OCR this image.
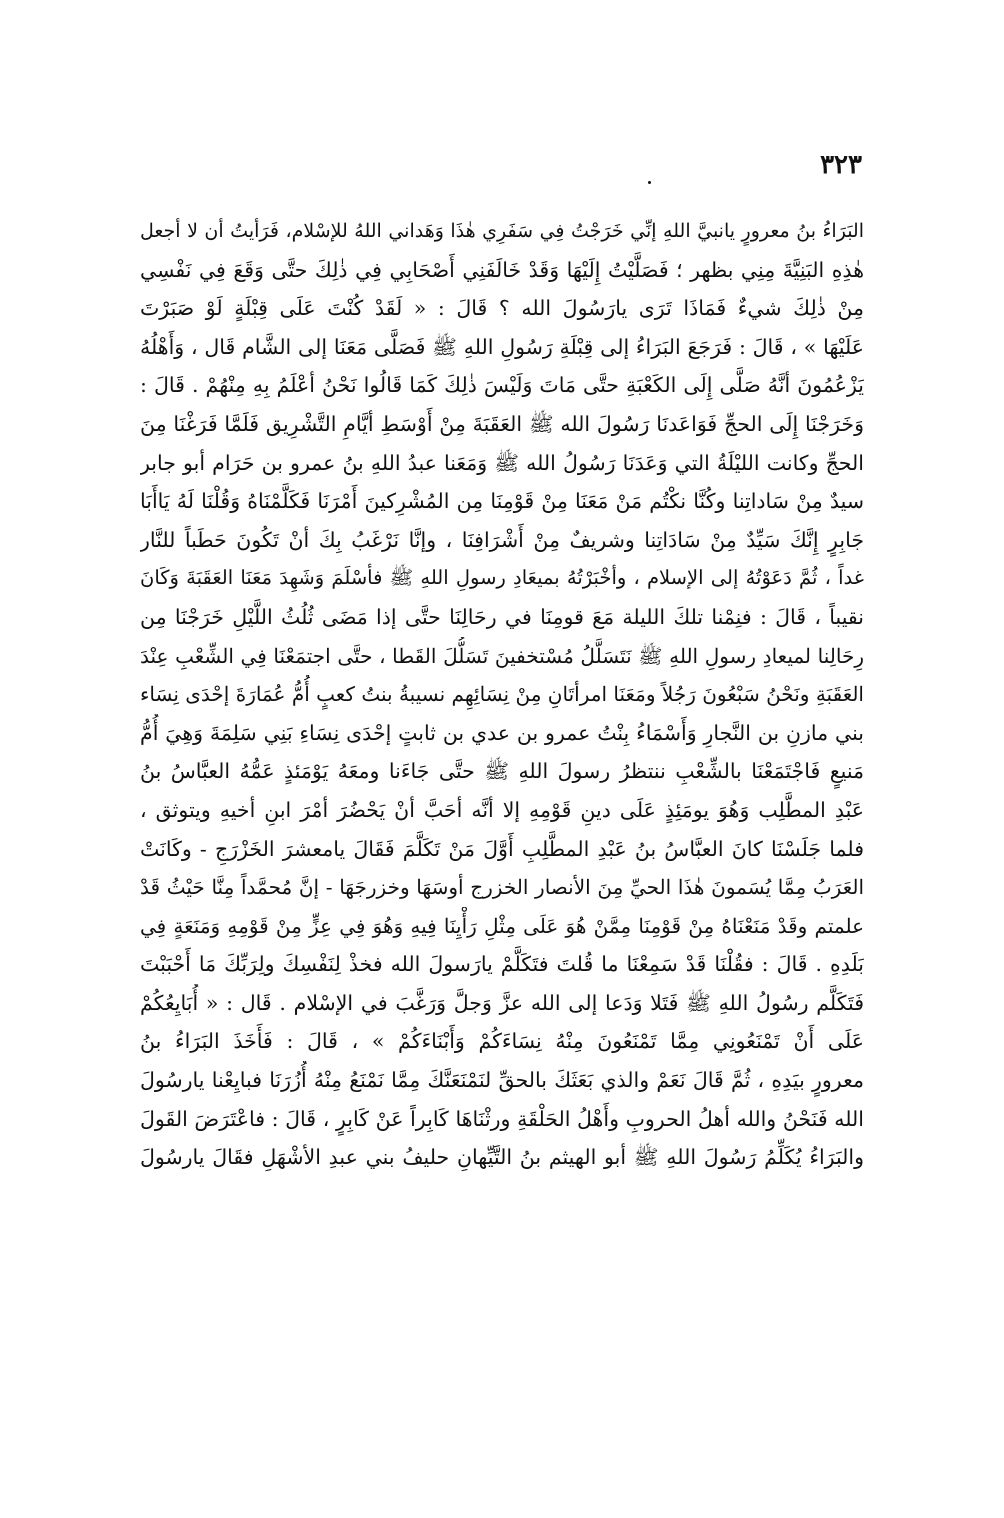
٣٢٣
البَرَاءُ بنُ معرورٍ يانبيَّ اللهِ إنِّي خَرَجْتُ فِي سَفَرِي هٰذَا وَهَداني اللهُ للإسْلام، فَرَأيتُ أن لا أجعل
هٰذِهِ البَنِيَّةَ مِنِي بظهر ؛ فَصَلَّيْتُ إِلَيْهَا وَقَدْ خَالَفَنِي أَصْحَابِي فِي ذٰلِكَ حتَّى وَقَعَ فِي نَفْسِي
مِنْ ذٰلِكَ شيءٌ فَمَاذَا تَرَى يارَسُولَ الله ؟ قَالَ : « لَقَدْ كُنْتَ عَلَى قِبْلَةٍ لَوْ صَبَرْتَ
عَلَيْهَا » ، قَالَ : فَرَجَعَ البَرَاءُ إلى قِبْلَةِ رَسُولِ اللهِ ﷺ فَصَلَّى مَعَنَا إلى الشَّام قَال ، وَأَهْلُهُ
يَزْعُمُونَ أنَّهُ صَلَّى إِلَى الكَعْبَةِ حتَّى مَاتَ وَلَيْسَ ذٰلِكَ كَمَا قَالُوا نَحْنُ أعْلَمُ بِهِ مِنْهُمْ . قَالَ :
وَخَرَجْنَا إِلَى الحجِّ فَوَاعَدنَا رَسُولَ الله ﷺ العَقَبَةَ مِنْ أَوْسَطِ أيَّامِ التَّشْرِيق فَلَمَّا فَرَغْنَا مِنَ
الحجِّ وكانت الليْلَةُ التي وَعَدَنَا رَسُولُ الله ﷺ وَمَعَنا عبدُ اللهِ بنُ عمرو بن حَرَام أبو جابر
سيدٌ مِنْ سَاداتِنا وكُنَّا نكْتُم مَنْ مَعَنَا مِنْ قَوْمِنَا مِن المُشْرِكينَ أَمْرَنَا فَكَلَّمْنَاهُ وَقُلْنَا لَهُ يَاأَبَا
جَابِرٍ إِنَّكَ سَيِّدٌ مِنْ سَادَاتِنا وشريفٌ مِنْ أَشْرَافِنَا ، وإنَّا نَرْغَبُ بِكَ أنْ تَكُونَ حَطَباً للنَّار
غداً ، ثُمَّ دَعَوْتُهُ إلى الإسلام ، وأخْبَرْتُهُ بميعَادِ رسولِ اللهِ ﷺ فأسْلَمَ وَشَهِدَ مَعَنَا العَقَبَةَ وَكَانَ
نقيباً ، قَالَ : فنِمْنا تلكَ الليلة مَعَ قومِنَا في رحَالِنَا حتَّى إذا مَضَى ثُلُثُ اللَّيْلِ خَرَجْنَا مِن
رِحَالِنا لميعادِ رسولِ اللهِ ﷺ نَتَسَلَّلُ مُسْتخفينَ تَسَلُّلَ القَطا ، حتَّى اجتمَعْنَا فِي الشِّعْبِ عِنْدَ
العَقَبَةِ ونَحْنُ سَبْعُونَ رَجُلاً ومَعَنَا امرأتَانِ مِنْ نِسَائِهِم نسيبةُ بنتُ كعبٍ أُمُّ عُمَارَةَ إحْدَى نِسَاء
بني مازنِ بن النَّجارِ وَأَسْمَاءُ بِنْتُ عمرو بن عدي بن ثابتٍ إحْدَى نِسَاءِ بَنِي سَلِمَةَ وَهِيَ أُمُّ
مَنيعٍ فَاجْتَمَعْنَا بالشِّعْبِ ننتظرُ رسولَ اللهِ ﷺ حتَّى جَاءَنا ومعَهُ يَوْمَئذٍ عَمُّهُ العبَّاسُ بنُ
عَبْدِ المطَّلِب وَهُوَ يومَئِذٍ عَلَى دينِ قَوْمِهِ إلا أنَّه أحَبَّ أنْ يَحْضُرَ أمْرَ ابنِ أخيهِ ويتوثق ،
فلما جَلَسْنَا كانَ العبَّاسُ بنُ عَبْدِ المطَّلِبِ أَوَّلَ مَنْ تَكَلَّمَ فَقَالَ يامعشرَ الخَزْرَجِ - وكَانَتْ
العَرَبُ مِمَّا يُسَمونَ هٰذَا الحيِّ مِنَ الأنصار الخزرج أوسَهَا وخزرجَهَا - إنَّ مُحمَّداً مِنَّا حَيْثُ قَدْ
علمتم وقَدْ مَنَعْنَاهُ مِنْ قَوْمِنَا مِمَّنْ هُوَ عَلَى مِثْلِ رَأْيِنَا فِيهِ وَهُوَ فِي عِزٍّ مِنْ قَوْمِهِ وَمَنَعَةٍ فِي
بَلَدِهِ . قَالَ : فقُلْنَا قَدْ سَمِعْنَا ما قُلتَ فتَكَلَّمْ يارَسولَ الله فخذْ لِنَفْسِكَ ولِرَبِّكَ مَا أَحْبَبْتَ
فَتَكَلَّم رسُولُ اللهِ ﷺ فَتَلا وَدَعا إلى الله عزَّ وَجلَّ وَرَغَّبَ في الإسْلام . قَال : « أُبَايِعُكُمْ
عَلَى أَنْ تَمْنَعُونِي مِمَّا تَمْنَعُونَ مِنْهُ نِسَاءَكُمْ وَأَبْنَاءَكُمْ » ، قَالَ : فَأَخَذَ البَرَاءُ بنُ
معرورٍ بيَدِهِ ، ثُمَّ قَالَ نَعَمْ والذي بَعَثَكَ بالحقِّ لنَمْنَعَنَّكَ مِمَّا نَمْنَعُ مِنْهُ أُزُرَنَا فبايِعْنا يارسُولَ
الله فَنَحْنُ والله أهلُ الحروبِ وأَهْلُ الحَلْقَةِ ورثْنَاهَا كَابِراً عَنْ كَابِرٍ ، قَالَ : فاعْتَرَضَ القَولَ
والبَرَاءُ يُكَلِّمُ رَسُولَ اللهِ ﷺ أبو الهيثم بنُ التَّيِّهانِ حليفُ بني عبدِ الأشْهَلِ فقَالَ يارسُولَ
